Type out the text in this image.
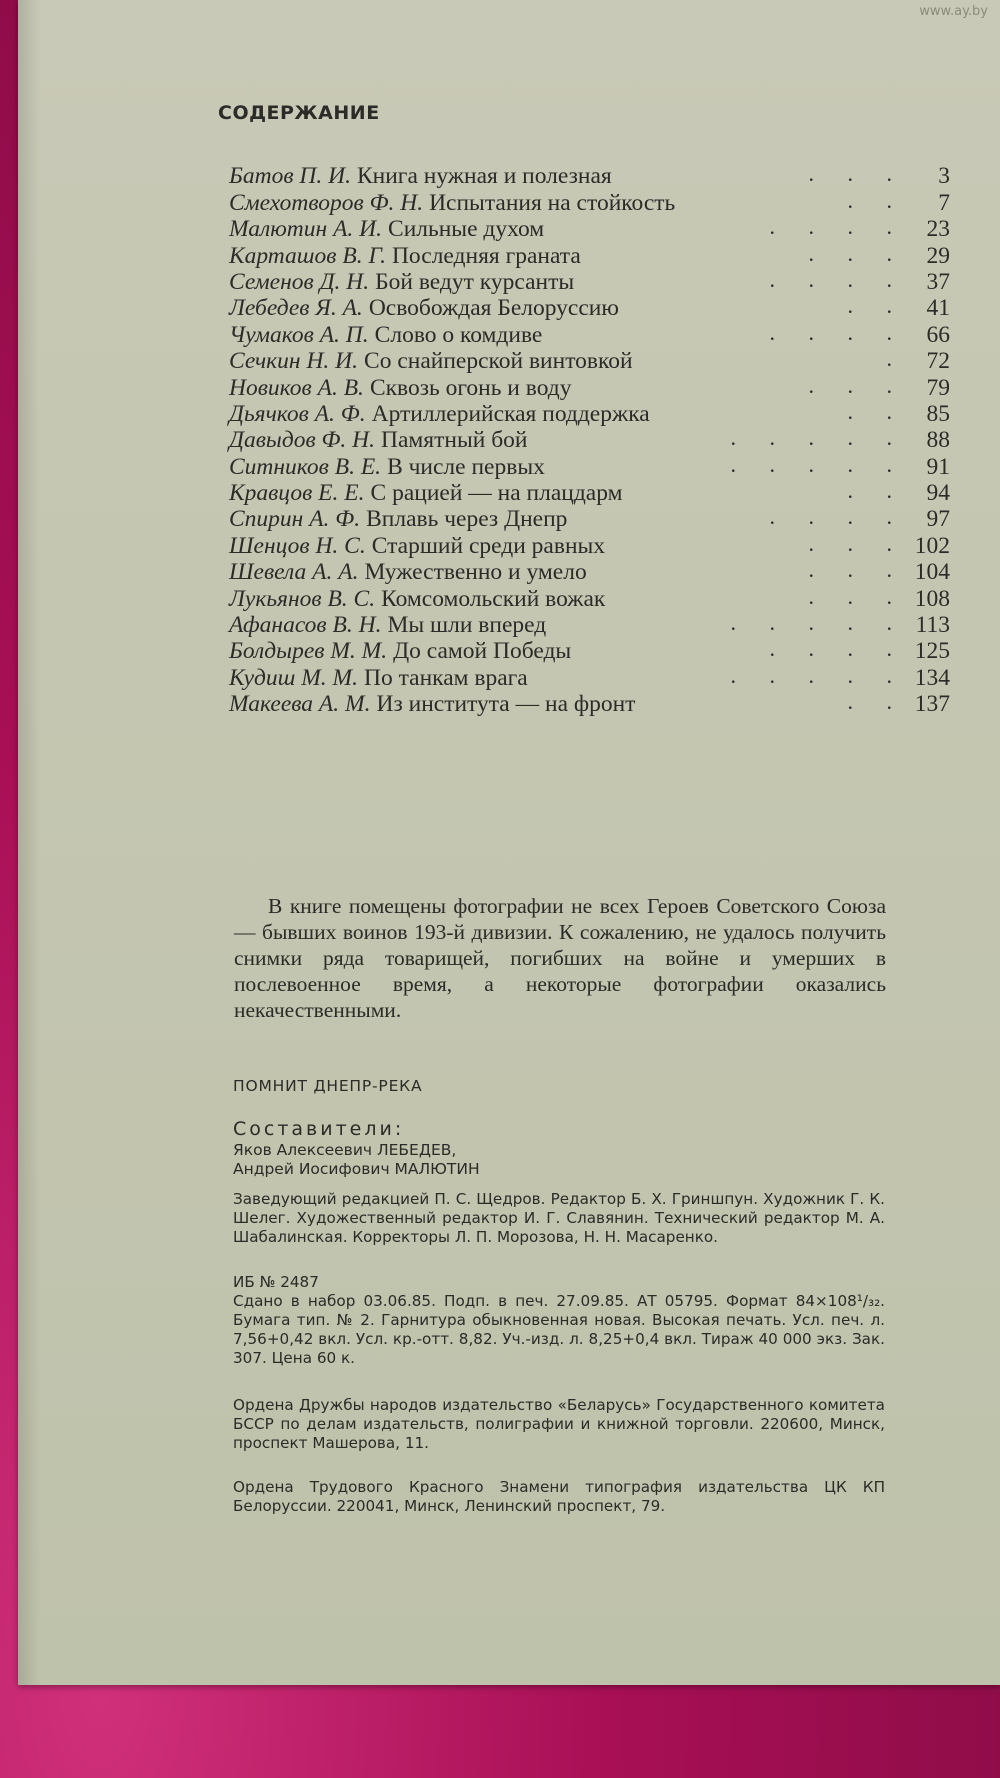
www.ay.by
СОДЕРЖАНИЕ
Батов П. И. Книга нужная и полезная	. . .	3
Смехотворов Ф. Н. Испытания на стойкость	. .	7
Малютин А. И. Сильные духом	. . . . 23
Карташов В. Г. Последняя граната	. . . 29
Семенов Д. Н. Бой ведут курсанты	. . . . 37
Лебедев Я. А. Освобождая Белоруссию	. . 41
Чумаков А. П. Слово о комдиве	. . . . 66
Сечкин Н. И. Со снайперской винтовкой	. 72
Новиков А. В. Сквозь огонь и воду	. . . 79
Дьячков А. Ф. Артиллерийская поддержка	. . 85
Давыдов Ф. Н. Памятный бой	. . . . . 88
Ситников В. Е. В числе первых	. . . . . 91
Кравцов Е. Е. С рацией — на плацдарм	. . 94
Спирин А. Ф. Вплавь через Днепр	. . . . 97
Шенцов Н. С. Старший среди равных	. . . 102
Шевела А. А. Мужественно и умело	. . . 104
Лукьянов В. С. Комсомольский вожак	. . . 108
Афанасов В. Н. Мы шли вперед	. . . . . 113
Болдырев М. М. До самой Победы	. . . . 125
Кудиш М. М. По танкам врага	. . . . . 134
Макеева А. М. Из института — на фронт	. . 137

В книге помещены фотографии не всех Героев Советского Союза — бывших воинов 193-й дивизии. К сожалению, не удалось получить снимки ряда товарищей, погибших на войне и умерших в послевоенное время, а некоторые фотографии оказались некачественными.

ПОМНИТ ДНЕПР-РЕКА
Составители:
Яков Алексеевич ЛЕБЕДЕВ,
Андрей Иосифович МАЛЮТИН

Заведующий редакцией П. С. Щедров. Редактор Б. Х. Гриншпун. Художник Г. К. Шелег. Художественный редактор И. Г. Славянин. Технический редактор М. А. Шабалинская. Корректоры Л. П. Морозова, Н. Н. Масаренко.

ИБ № 2487

Сдано в набор 03.06.85. Подп. в печ. 27.09.85. АТ 05795. Формат 84×108¹/₃₂. Бумага тип. № 2. Гарнитура обыкновенная новая. Высокая печать. Усл. печ. л. 7,56+0,42 вкл. Усл. кр.-отт. 8,82. Уч.-изд. л. 8,25+0,4 вкл. Тираж 40 000 экз. Зак. 307. Цена 60 к.

Ордена Дружбы народов издательство «Беларусь» Государственного комитета БССР по делам издательств, полиграфии и книжной торговли. 220600, Минск, проспект Машерова, 11.

Ордена Трудового Красного Знамени типография издательства ЦК КП Белоруссии. 220041, Минск, Ленинский проспект, 79.
